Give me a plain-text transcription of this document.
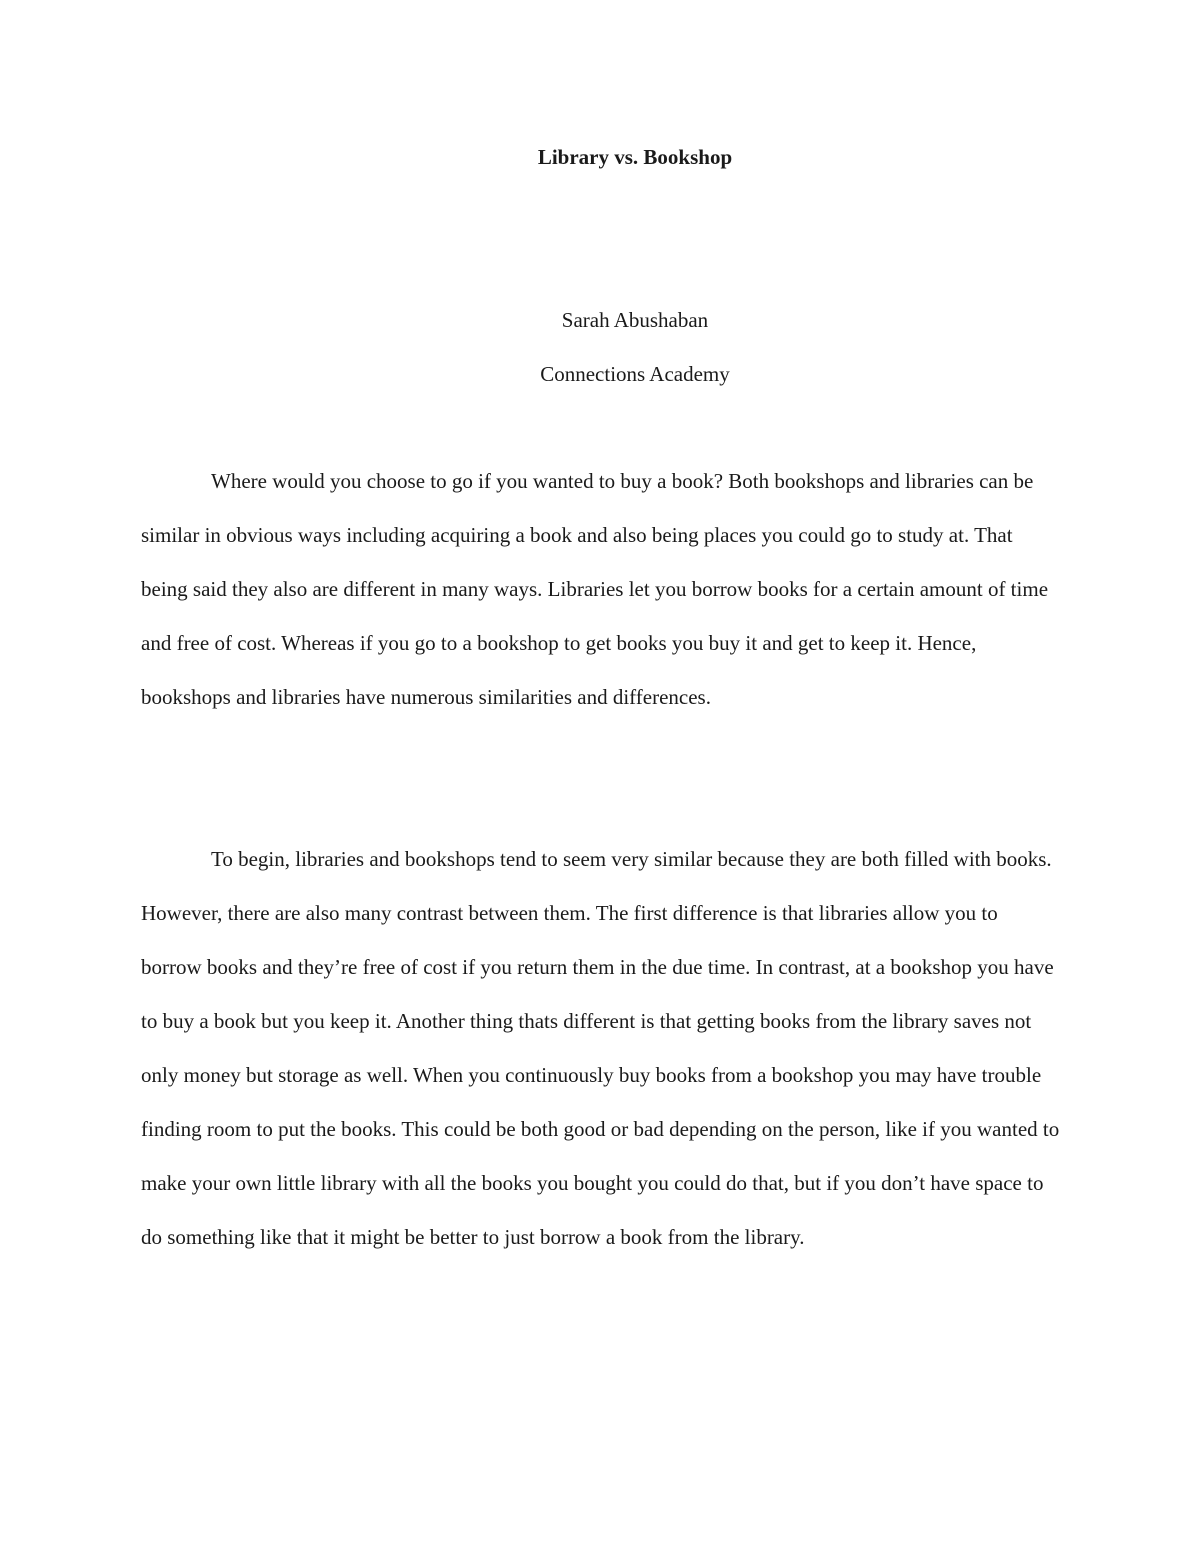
Library vs. Bookshop
Sarah Abushaban
Connections Academy

Where would you choose to go if you wanted to buy a book? Both bookshops and libraries can be similar in obvious ways including acquiring a book and also being places you could go to study at. That being said they also are different in many ways. Libraries let you borrow books for a certain amount of time and free of cost. Whereas if you go to a bookshop to get books you buy it and get to keep it. Hence, bookshops and libraries have numerous similarities and differences.

To begin, libraries and bookshops tend to seem very similar because they are both filled with books. However, there are also many contrast between them. The first difference is that libraries allow you to borrow books and they’re free of cost if you return them in the due time. In contrast, at a bookshop you have to buy a book but you keep it. Another thing thats different is that getting books from the library saves not only money but storage as well. When you continuously buy books from a bookshop you may have trouble finding room to put the books. This could be both good or bad depending on the person, like if you wanted to make your own little library with all the books you bought you could do that, but if you don’t have space to do something like that it might be better to just borrow a book from the library.
